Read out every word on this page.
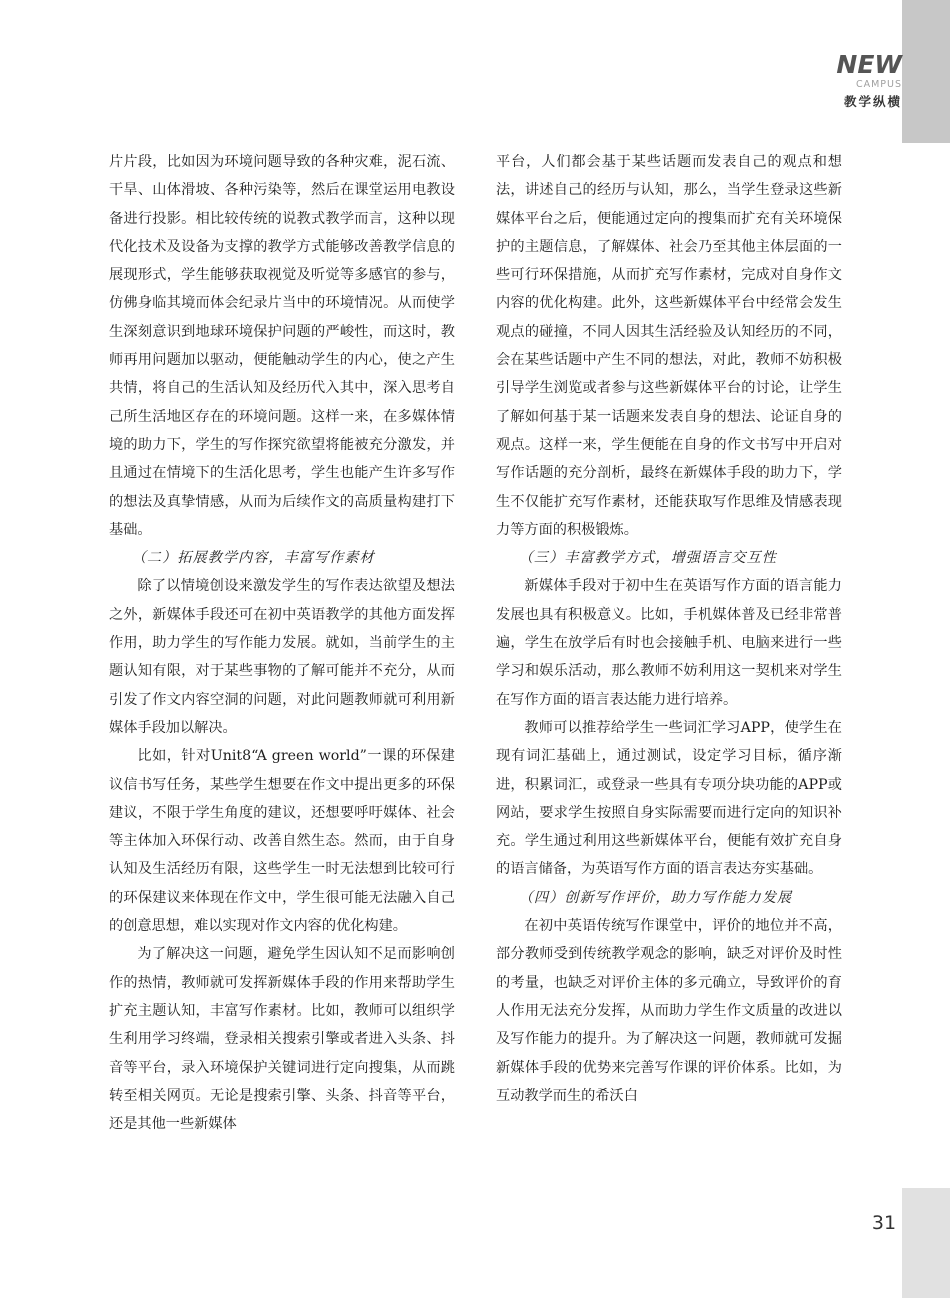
NEW
CAMPUS
教学纵横

片片段，比如因为环境问题导致的各种灾难，泥石流、干旱、山体滑坡、各种污染等，然后在课堂运用电教设备进行投影。相比较传统的说教式教学而言，这种以现代化技术及设备为支撑的教学方式能够改善教学信息的展现形式，学生能够获取视觉及听觉等多感官的参与，仿佛身临其境而体会纪录片当中的环境情况。从而使学生深刻意识到地球环境保护问题的严峻性，而这时，教师再用问题加以驱动，便能触动学生的内心，使之产生共情，将自己的生活认知及经历代入其中，深入思考自己所生活地区存在的环境问题。这样一来，在多媒体情境的助力下，学生的写作探究欲望将能被充分激发，并且通过在情境下的生活化思考，学生也能产生许多写作的想法及真挚情感，从而为后续作文的高质量构建打下基础。

（二）拓展教学内容，丰富写作素材

除了以情境创设来激发学生的写作表达欲望及想法之外，新媒体手段还可在初中英语教学的其他方面发挥作用，助力学生的写作能力发展。就如，当前学生的主题认知有限，对于某些事物的了解可能并不充分，从而引发了作文内容空洞的问题，对此问题教师就可利用新媒体手段加以解决。

比如，针对Unit8“A green world”一课的环保建议信书写任务，某些学生想要在作文中提出更多的环保建议，不限于学生角度的建议，还想要呼吁媒体、社会等主体加入环保行动、改善自然生态。然而，由于自身认知及生活经历有限，这些学生一时无法想到比较可行的环保建议来体现在作文中，学生很可能无法融入自己的创意思想，难以实现对作文内容的优化构建。

为了解决这一问题，避免学生因认知不足而影响创作的热情，教师就可发挥新媒体手段的作用来帮助学生扩充主题认知，丰富写作素材。比如，教师可以组织学生利用学习终端，登录相关搜索引擎或者进入头条、抖音等平台，录入环境保护关键词进行定向搜集，从而跳转至相关网页。无论是搜索引擎、头条、抖音等平台，还是其他一些新媒体

平台，人们都会基于某些话题而发表自己的观点和想法，讲述自己的经历与认知，那么，当学生登录这些新媒体平台之后，便能通过定向的搜集而扩充有关环境保护的主题信息，了解媒体、社会乃至其他主体层面的一些可行环保措施，从而扩充写作素材，完成对自身作文内容的优化构建。此外，这些新媒体平台中经常会发生观点的碰撞，不同人因其生活经验及认知经历的不同，会在某些话题中产生不同的想法，对此，教师不妨积极引导学生浏览或者参与这些新媒体平台的讨论，让学生了解如何基于某一话题来发表自身的想法、论证自身的观点。这样一来，学生便能在自身的作文书写中开启对写作话题的充分剖析，最终在新媒体手段的助力下，学生不仅能扩充写作素材，还能获取写作思维及情感表现力等方面的积极锻炼。

（三）丰富教学方式，增强语言交互性

新媒体手段对于初中生在英语写作方面的语言能力发展也具有积极意义。比如，手机媒体普及已经非常普遍，学生在放学后有时也会接触手机、电脑来进行一些学习和娱乐活动，那么教师不妨利用这一契机来对学生在写作方面的语言表达能力进行培养。

教师可以推荐给学生一些词汇学习APP，使学生在现有词汇基础上，通过测试，设定学习目标，循序渐进，积累词汇，或登录一些具有专项分块功能的APP或网站，要求学生按照自身实际需要而进行定向的知识补充。学生通过利用这些新媒体平台，便能有效扩充自身的语言储备，为英语写作方面的语言表达夯实基础。

（四）创新写作评价，助力写作能力发展

在初中英语传统写作课堂中，评价的地位并不高，部分教师受到传统教学观念的影响，缺乏对评价及时性的考量，也缺乏对评价主体的多元确立，导致评价的育人作用无法充分发挥，从而助力学生作文质量的改进以及写作能力的提升。为了解决这一问题，教师就可发掘新媒体手段的优势来完善写作课的评价体系。比如，为互动教学而生的希沃白

31
